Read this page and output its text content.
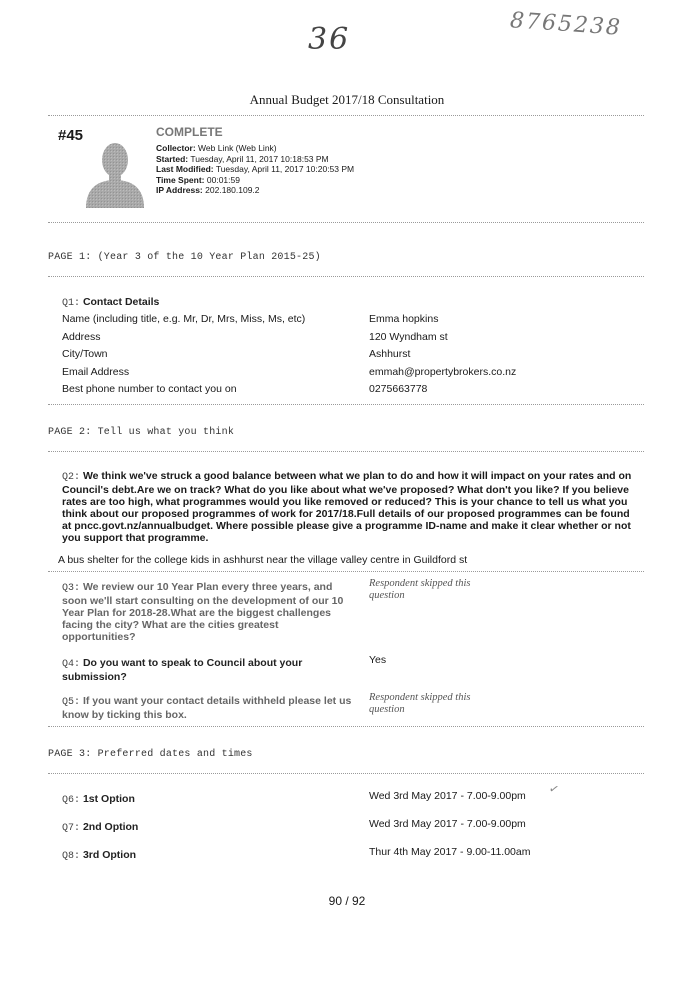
36	8765238
Annual Budget 2017/18 Consultation
#45	COMPLETE
Collector: Web Link (Web Link)
Started: Tuesday, April 11, 2017 10:18:53 PM
Last Modified: Tuesday, April 11, 2017 10:20:53 PM
Time Spent: 00:01:59
IP Address: 202.180.109.2
PAGE 1: (Year 3 of the 10 Year Plan 2015-25)
Q1: Contact Details
Name (including title, e.g. Mr, Dr, Mrs, Miss, Ms, etc)	Emma hopkins
Address	120 Wyndham st
City/Town	Ashhurst
Email Address	emmah@propertybrokers.co.nz
Best phone number to contact you on	0275663778
PAGE 2: Tell us what you think
Q2: We think we've struck a good balance between what we plan to do and how it will impact on your rates and on Council's debt.Are we on track? What do you like about what we've proposed? What don't you like? If you believe rates are too high, what programmes would you like removed or reduced? This is your chance to tell us what you think about our proposed programmes of work for 2017/18.Full details of our proposed programmes can be found at pncc.govt.nz/annualbudget. Where possible please give a programme ID-name and make it clear whether or not you support that programme.
A bus shelter for the college kids in ashhurst near the village valley centre in Guildford st
Q3: We review our 10 Year Plan every three years, and soon we'll start consulting on the development of our 10 Year Plan for 2018-28.What are the biggest challenges facing the city? What are the cities greatest opportunities?
Respondent skipped this question
Q4: Do you want to speak to Council about your submission?
Yes
Q5: If you want your contact details withheld please let us know by ticking this box.
Respondent skipped this question
PAGE 3: Preferred dates and times
Q6: 1st Option	Wed 3rd May 2017 - 7.00-9.00pm ✓
Q7: 2nd Option	Wed 3rd May 2017 - 7.00-9.00pm
Q8: 3rd Option	Thur 4th May 2017 - 9.00-11.00am
90 / 92
